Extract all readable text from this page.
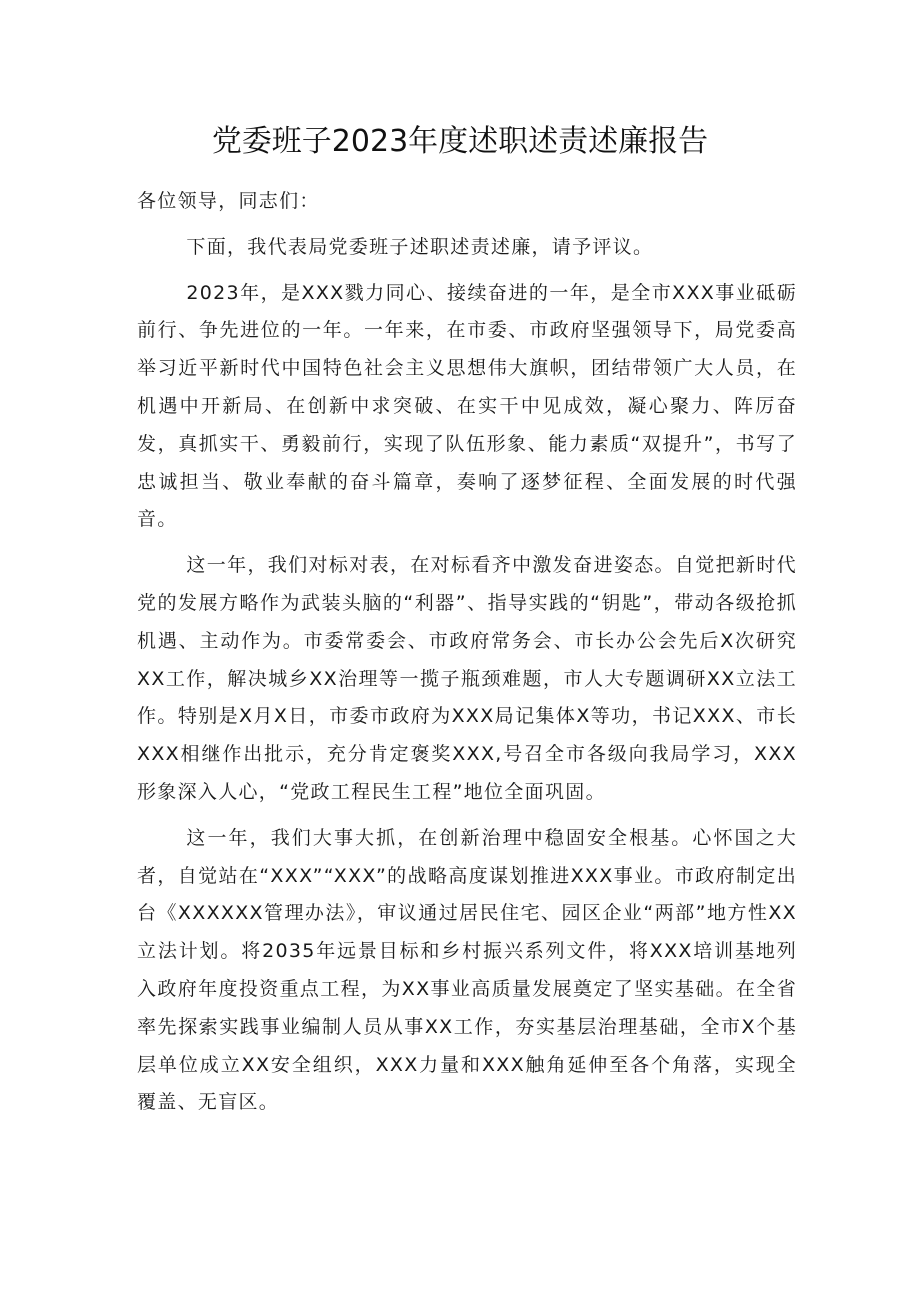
党委班子2023年度述职述责述廉报告

各位领导，同志们：

下面，我代表局党委班子述职述责述廉，请予评议。

2023年，是XXX戮力同心、接续奋进的一年，是全市XXX事业砥砺前行、争先进位的一年。一年来，在市委、市政府坚强领导下，局党委高举习近平新时代中国特色社会主义思想伟大旗帜，团结带领广大人员，在机遇中开新局、在创新中求突破、在实干中见成效，凝心聚力、阵厉奋发，真抓实干、勇毅前行，实现了队伍形象、能力素质“双提升”，书写了忠诚担当、敬业奉献的奋斗篇章，奏响了逐梦征程、全面发展的时代强音。

这一年，我们对标对表，在对标看齐中激发奋进姿态。自觉把新时代党的发展方略作为武装头脑的“利器”、指导实践的“钥匙”，带动各级抢抓机遇、主动作为。市委常委会、市政府常务会、市长办公会先后X次研究XX工作，解决城乡XX治理等一揽子瓶颈难题，市人大专题调研XX立法工作。特别是X月X日，市委市政府为XXX局记集体X等功，书记XXX、市长XXX相继作出批示，充分肯定褒奖XXX,号召全市各级向我局学习，XXX形象深入人心，“党政工程民生工程”地位全面巩固。

这一年，我们大事大抓，在创新治理中稳固安全根基。心怀国之大者，自觉站在“XXX”“XXX”的战略高度谋划推进XXX事业。市政府制定出台《XXXXXX管理办法》，审议通过居民住宅、园区企业“两部”地方性XX立法计划。将2035年远景目标和乡村振兴系列文件，将XXX培训基地列入政府年度投资重点工程，为XX事业高质量发展奠定了坚实基础。在全省率先探索实践事业编制人员从事XX工作，夯实基层治理基础，全市X个基层单位成立XX安全组织，XXX力量和XXX触角延伸至各个角落，实现全覆盖、无盲区。
